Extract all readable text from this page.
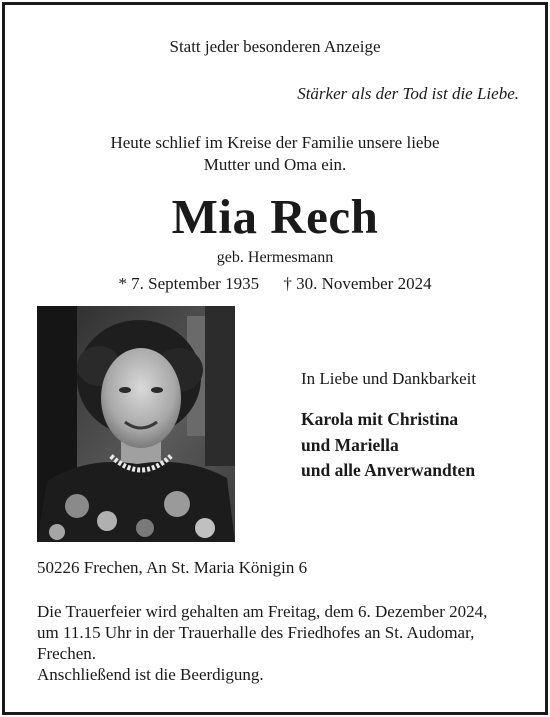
Statt jeder besonderen Anzeige

Stärker als der Tod ist die Liebe.

Heute schlief im Kreise der Familie unsere liebe
Mutter und Oma ein.
Mia Rech

geb. Hermesmann

* 7. September 1935 † 30. November 2024

In Liebe und Dankbarkeit

Karola mit Christina
und Mariella
und alle Anverwandten

50226 Frechen, An St. Maria Königin 6

Die Trauerfeier wird gehalten am Freitag, dem 6. Dezember 2024,
um 11.15 Uhr in der Trauerhalle des Friedhofes an St. Audomar,
Frechen.
Anschließend ist die Beerdigung.
